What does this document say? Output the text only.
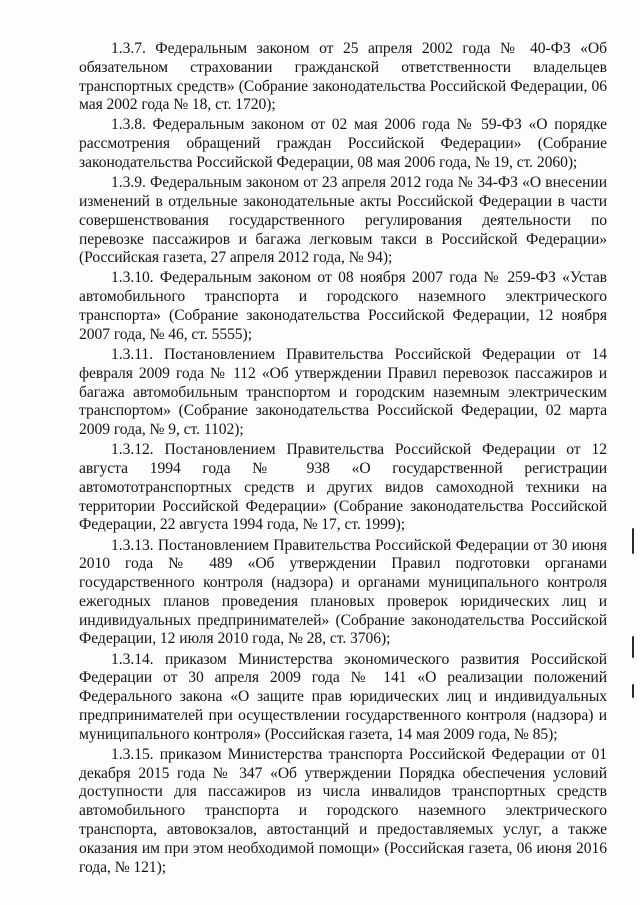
1.3.7. Федеральным законом от 25 апреля 2002 года № 40-ФЗ «Об обязательном страховании гражданской ответственности владельцев транспортных средств» (Собрание законодательства Российской Федерации, 06 мая 2002 года № 18, ст. 1720);

1.3.8. Федеральным законом от 02 мая 2006 года № 59-ФЗ «О порядке рассмотрения обращений граждан Российской Федерации» (Собрание законодательства Российской Федерации, 08 мая 2006 года, № 19, ст. 2060);

1.3.9. Федеральным законом от 23 апреля 2012 года № 34-ФЗ «О внесении изменений в отдельные законодательные акты Российской Федерации в части совершенствования государственного регулирования деятельности по перевозке пассажиров и багажа легковым такси в Российской Федерации» (Российская газета, 27 апреля 2012 года, № 94);

1.3.10. Федеральным законом от 08 ноября 2007 года № 259-ФЗ «Устав автомобильного транспорта и городского наземного электрического транспорта» (Собрание законодательства Российской Федерации, 12 ноября 2007 года, № 46, ст. 5555);

1.3.11. Постановлением Правительства Российской Федерации от 14 февраля 2009 года № 112 «Об утверждении Правил перевозок пассажиров и багажа автомобильным транспортом и городским наземным электрическим транспортом» (Собрание законодательства Российской Федерации, 02 марта 2009 года, № 9, ст. 1102);

1.3.12. Постановлением Правительства Российской Федерации от 12 августа 1994 года № 938 «О государственной регистрации автомототранспортных средств и других видов самоходной техники на территории Российской Федерации» (Собрание законодательства Российской Федерации, 22 августа 1994 года, № 17, ст. 1999);

1.3.13. Постановлением Правительства Российской Федерации от 30 июня 2010 года № 489 «Об утверждении Правил подготовки органами государственного контроля (надзора) и органами муниципального контроля ежегодных планов проведения плановых проверок юридических лиц и индивидуальных предпринимателей» (Собрание законодательства Российской Федерации, 12 июля 2010 года, № 28, ст. 3706);

1.3.14. приказом Министерства экономического развития Российской Федерации от 30 апреля 2009 года № 141 «О реализации положений Федерального закона «О защите прав юридических лиц и индивидуальных предпринимателей при осуществлении государственного контроля (надзора) и муниципального контроля» (Российская газета, 14 мая 2009 года, № 85);

1.3.15. приказом Министерства транспорта Российской Федерации от 01 декабря 2015 года № 347 «Об утверждении Порядка обеспечения условий доступности для пассажиров из числа инвалидов транспортных средств автомобильного транспорта и городского наземного электрического транспорта, автовокзалов, автостанций и предоставляемых услуг, а также оказания им при этом необходимой помощи» (Российская газета, 06 июня 2016 года, № 121);
